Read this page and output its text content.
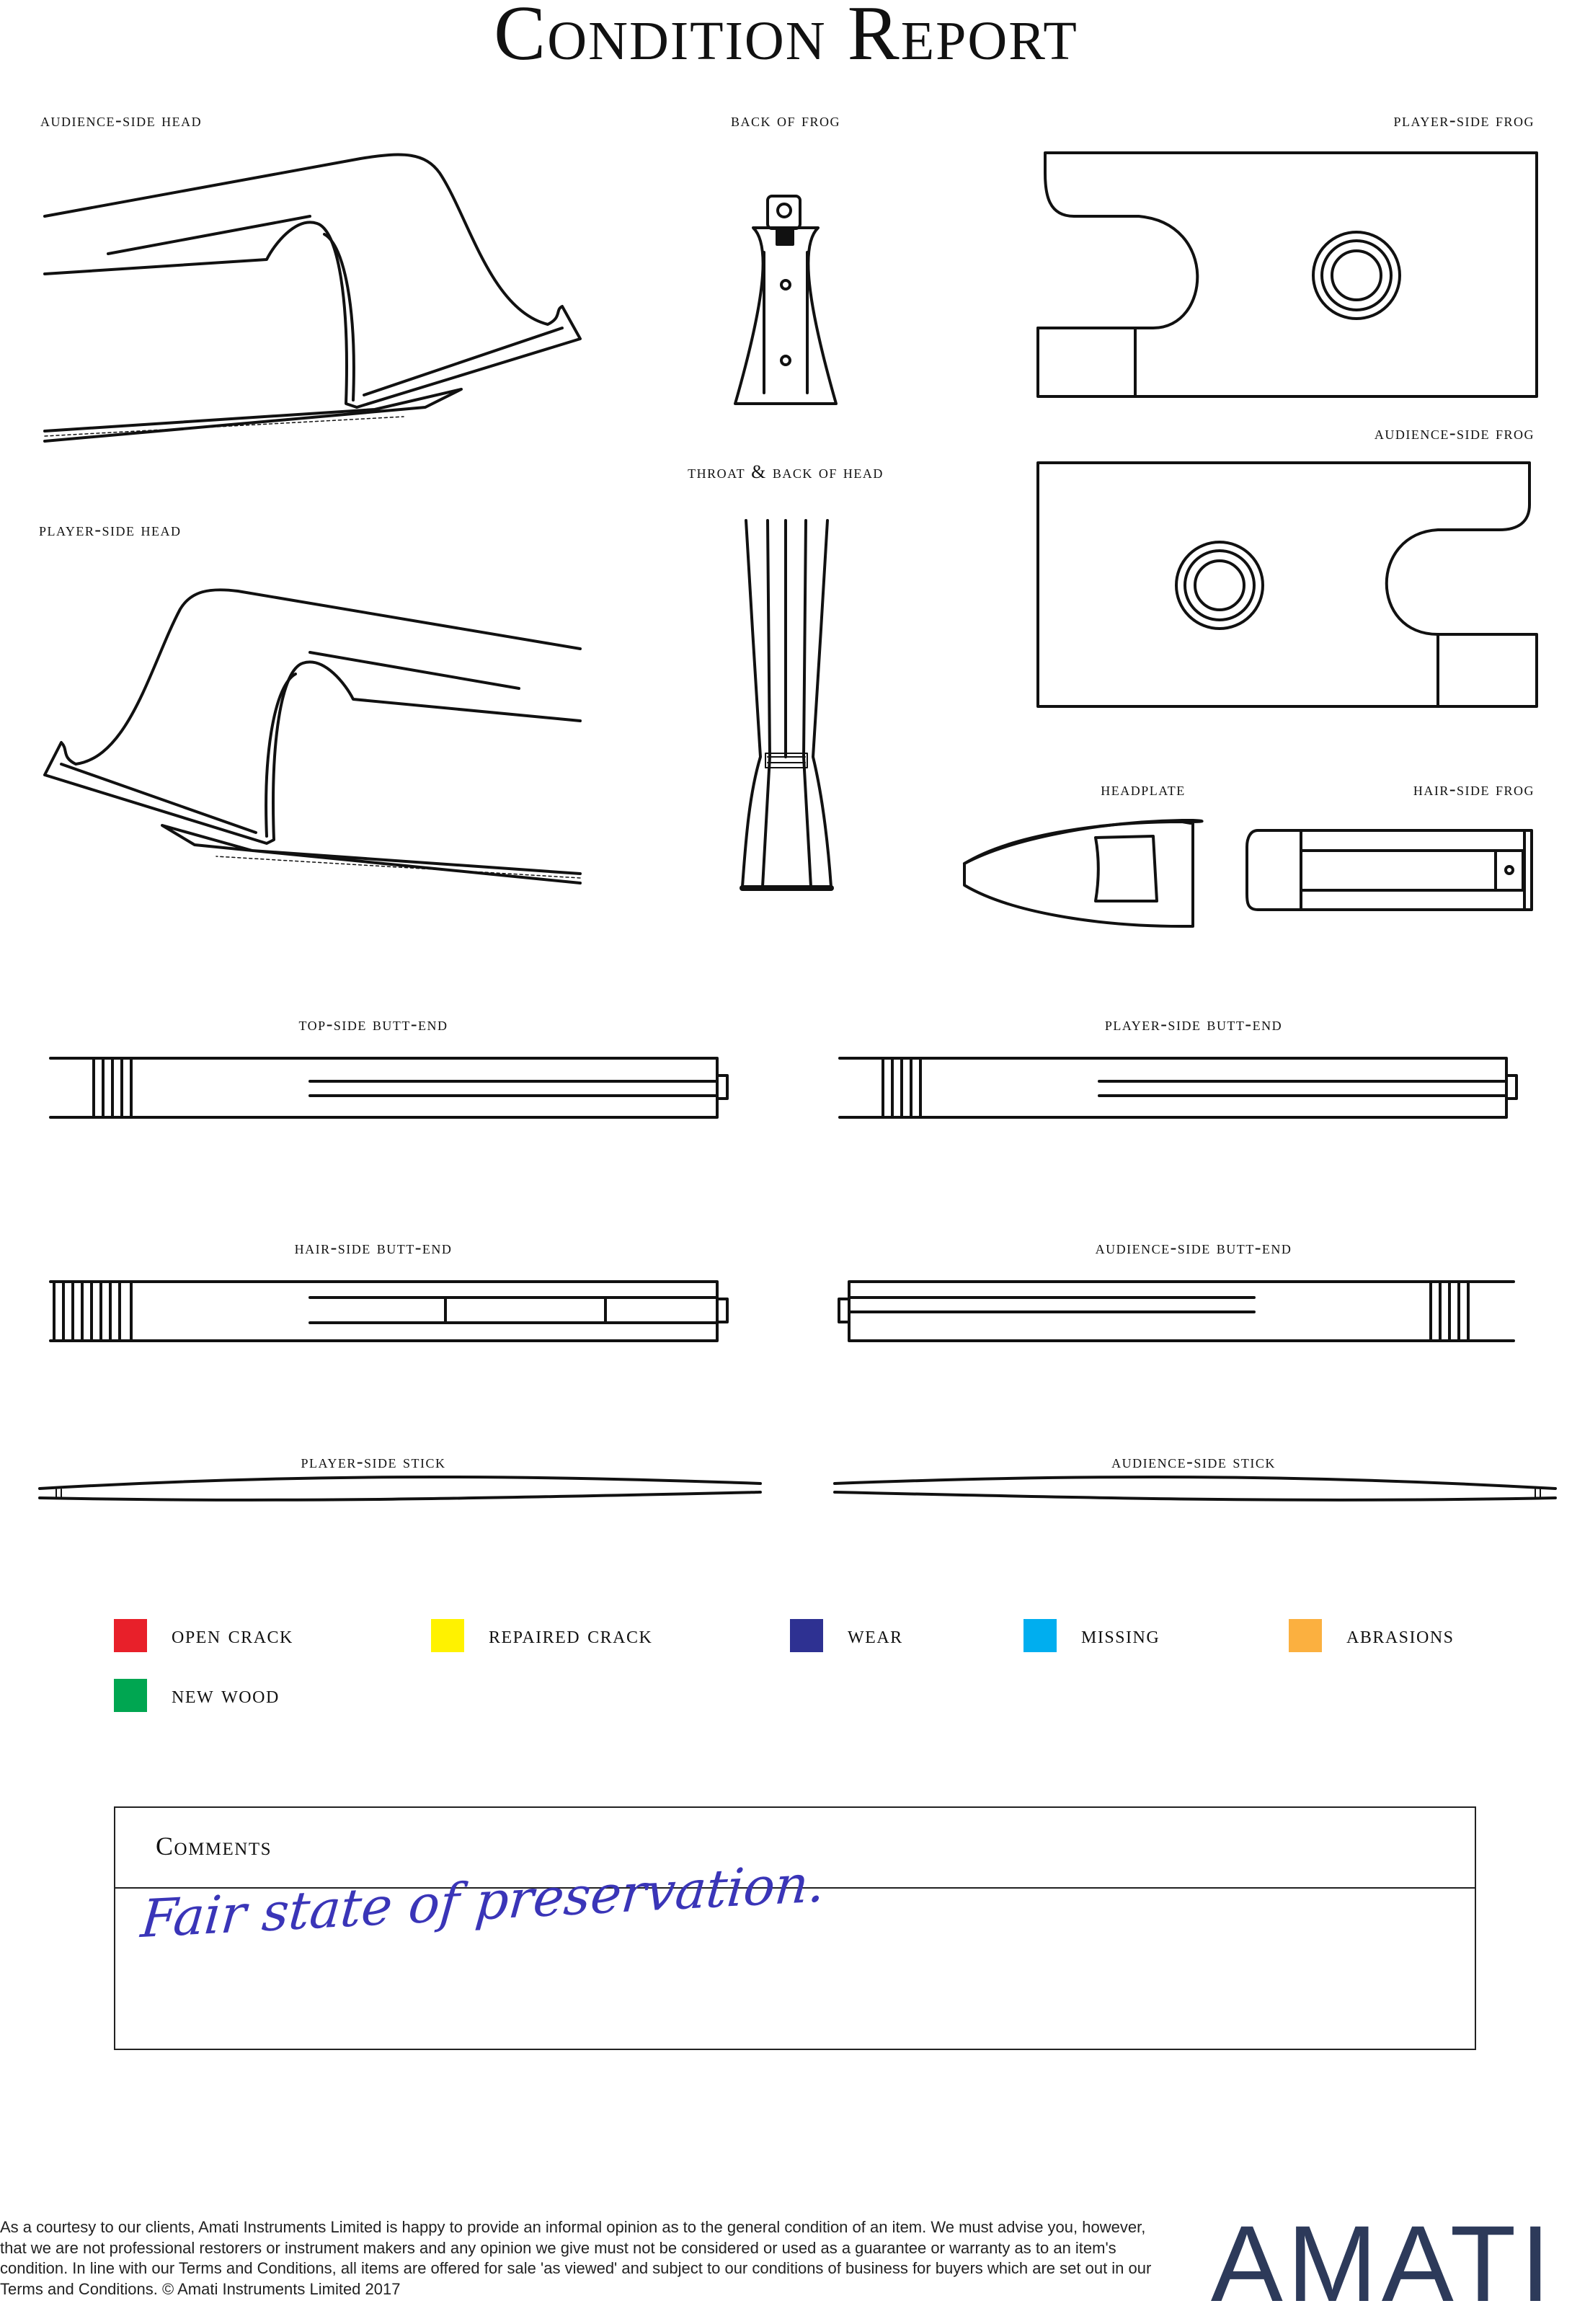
Condition Report
audience-side head	back of frog	player-side frog
audience-side frog
throat & back of head
player-side head
headplate	hair-side frog
top-side butt-end	player-side butt-end
hair-side butt-end	audience-side butt-end
player-side stick	audience-side stick
open crack	repaired crack	wear	missing	abrasions
new wood
Comments
Fair state of preservation.
As a courtesy to our clients, Amati Instruments Limited is happy to provide an informal opinion as to the general condition of an item. We must advise you, however, that we are not professional restorers or instrument makers and any opinion we give must not be considered or used as a guarantee or warranty as to an item's condition. In line with our Terms and Conditions, all items are offered for sale 'as viewed' and subject to our conditions of business for buyers which are set out in our Terms and Conditions. © Amati Instruments Limited 2017	AMATI
